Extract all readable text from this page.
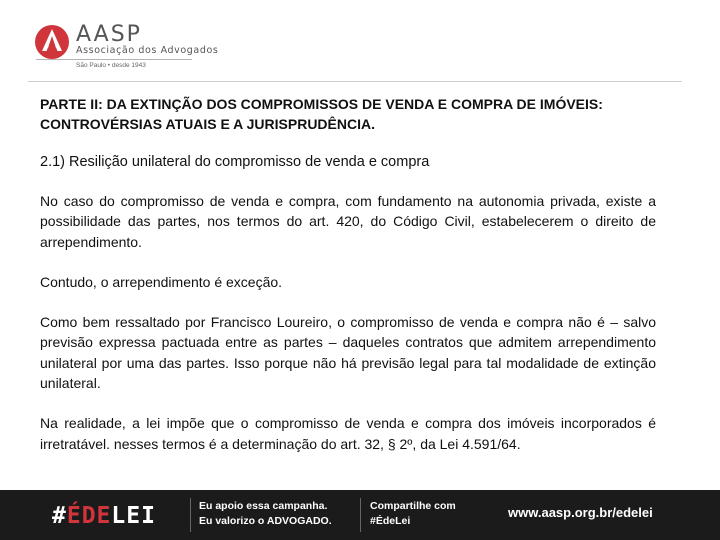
AASP
Associação dos Advogados
São Paulo • desde 1943
PARTE II: DA EXTINÇÃO DOS COMPROMISSOS DE VENDA E COMPRA DE IMÓVEIS: CONTROVÉRSIAS ATUAIS E A JURISPRUDÊNCIA.
2.1) Resilição unilateral do compromisso de venda e compra

No caso do compromisso de venda e compra, com fundamento na autonomia privada, existe a possibilidade das partes, nos termos do art. 420, do Código Civil, estabelecerem o direito de arrependimento.

Contudo, o arrependimento é exceção.

Como bem ressaltado por Francisco Loureiro, o compromisso de venda e compra não é – salvo previsão expressa pactuada entre as partes – daqueles contratos que admitem arrependimento unilateral por uma das partes. Isso porque não há previsão legal para tal modalidade de extinção unilateral.

Na realidade, a lei impõe que o compromisso de venda e compra dos imóveis incorporados é irretratável. nesses termos é a determinação do art. 32, § 2º, da Lei 4.591/64.

#ÉDELEI	Eu apoio essa campanha.
Eu valorizo o ADVOGADO.
Compartilhe com
#ÉdeLei
www.aasp.org.br/edelei
